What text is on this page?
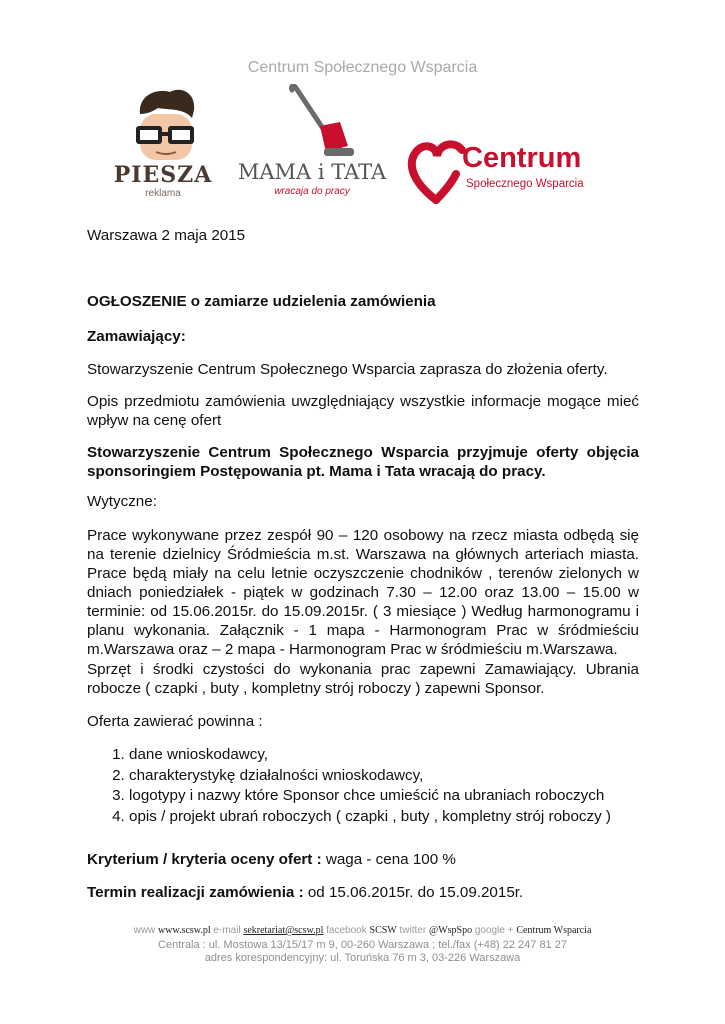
Centrum Społecznego Wsparcia
PIESZA
reklama
MAMA i TATA
wracaja do pracy
Centrum
Społecznego Wsparcia

Warszawa 2 maja 2015

OGŁOSZENIE o zamiarze udzielenia zamówienia

Zamawiający:

Stowarzyszenie Centrum Społecznego Wsparcia zaprasza do złożenia oferty.

Opis przedmiotu zamówienia uwzględniający wszystkie informacje mogące mieć wpływ na cenę ofert

Stowarzyszenie Centrum Społecznego Wsparcia przyjmuje oferty objęcia sponsoringiem Postępowania pt. Mama i Tata wracają do pracy.

Wytyczne:

Prace wykonywane przez zespół 90 – 120 osobowy na rzecz miasta odbędą się na terenie dzielnicy Śródmieścia m.st. Warszawa na głównych arteriach miasta. Prace będą miały na celu letnie oczyszczenie chodników , terenów zielonych w dniach poniedziałek - piątek w godzinach 7.30 – 12.00 oraz 13.00 – 15.00 w terminie: od 15.06.2015r. do 15.09.2015r. ( 3 miesiące ) Według harmonogramu i planu wykonania. Załącznik - 1 mapa - Harmonogram Prac w śródmieściu m.Warszawa oraz – 2 mapa - Harmonogram Prac w śródmieściu m.Warszawa.

Sprzęt i środki czystości do wykonania prac zapewni Zamawiający. Ubrania robocze ( czapki , buty , kompletny strój roboczy ) zapewni Sponsor.

Oferta zawierać powinna :

1. dane wnioskodawcy,
2. charakterystykę działalności wnioskodawcy,
3. logotypy i nazwy które Sponsor chce umieścić na ubraniach roboczych
4. opis / projekt ubrań roboczych ( czapki , buty , kompletny strój roboczy )

Kryterium / kryteria oceny ofert : waga - cena 100 %

Termin realizacji zamówienia : od 15.06.2015r. do 15.09.2015r.

www www.scsw.pl e-mail sekretariat@scsw.pl facebook SCSW twitter @WspSpo google + Centrum Wsparcia
Centrala : ul. Mostowa 13/15/17 m 9, 00-260 Warszawa ; tel./fax (+48) 22 247 81 27
adres korespondencyjny: ul. Toruńska 76 m 3, 03-226 Warszawa
